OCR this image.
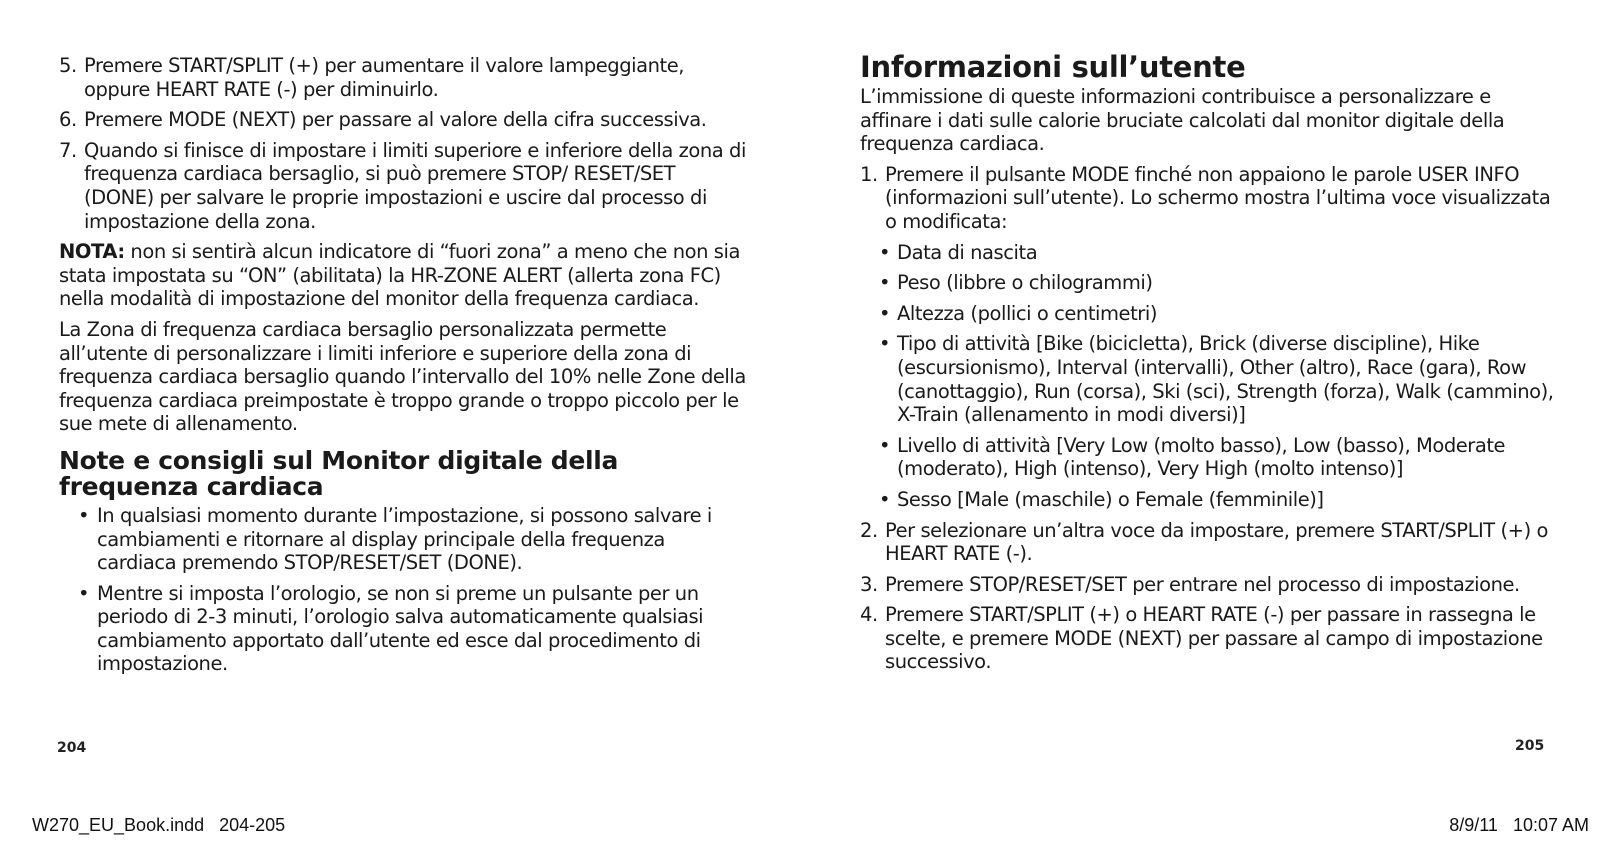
5. Premere START/SPLIT (+) per aumentare il valore lampeggiante, oppure HEART RATE (-) per diminuirlo.
6. Premere MODE (NEXT) per passare al valore della cifra successiva.
7. Quando si finisce di impostare i limiti superiore e inferiore della zona di frequenza cardiaca bersaglio, si può premere STOP/ RESET/SET (DONE) per salvare le proprie impostazioni e uscire dal processo di impostazione della zona.

NOTA: non si sentirà alcun indicatore di “fuori zona” a meno che non sia stata impostata su “ON” (abilitata) la HR-ZONE ALERT (allerta zona FC) nella modalità di impostazione del monitor della frequenza cardiaca.

La Zona di frequenza cardiaca bersaglio personalizzata permette all’utente di personalizzare i limiti inferiore e superiore della zona di frequenza cardiaca bersaglio quando l’intervallo del 10% nelle Zone della frequenza cardiaca preimpostate è troppo grande o troppo piccolo per le sue mete di allenamento.

Note e consigli sul Monitor digitale della frequenza cardiaca
• In qualsiasi momento durante l’impostazione, si possono salvare i cambiamenti e ritornare al display principale della frequenza cardiaca premendo STOP/RESET/SET (DONE).
• Mentre si imposta l’orologio, se non si preme un pulsante per un periodo di 2-3 minuti, l’orologio salva automaticamente qualsiasi cambiamento apportato dall’utente ed esce dal procedimento di impostazione.
Informazioni sull’utente

L’immissione di queste informazioni contribuisce a personalizzare e affinare i dati sulle calorie bruciate calcolati dal monitor digitale della frequenza cardiaca.

1. Premere il pulsante MODE finché non appaiono le parole USER INFO (informazioni sull’utente). Lo schermo mostra l’ultima voce visualizzata o modificata:
• Data di nascita
• Peso (libbre o chilogrammi)
• Altezza (pollici o centimetri)
• Tipo di attività [Bike (bicicletta), Brick (diverse discipline), Hike (escursionismo), Interval (intervalli), Other (altro), Race (gara), Row (canottaggio), Run (corsa), Ski (sci), Strength (forza), Walk (cammino), X-Train (allenamento in modi diversi)]
• Livello di attività [Very Low (molto basso), Low (basso), Moderate (moderato), High (intenso), Very High (molto intenso)]
• Sesso [Male (maschile) o Female (femminile)]
2. Per selezionare un’altra voce da impostare, premere START/SPLIT (+) o HEART RATE (-).
3. Premere STOP/RESET/SET per entrare nel processo di impostazione.
4. Premere START/SPLIT (+) o HEART RATE (-) per passare in rassegna le scelte, e premere MODE (NEXT) per passare al campo di impostazione successivo.
204	205
W270_EU_Book.indd   204-205	8/9/11   10:07 AM
